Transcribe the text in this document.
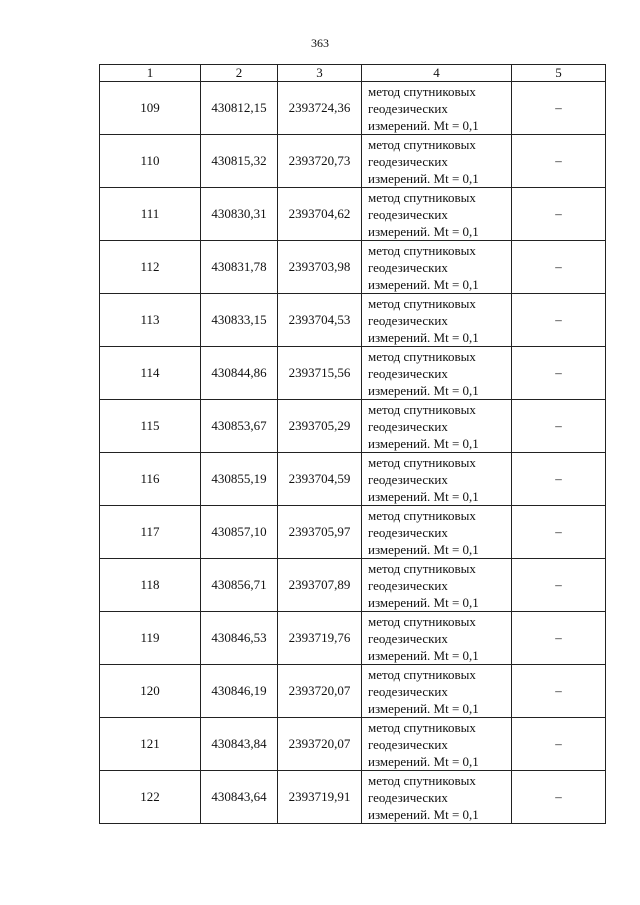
363
1	2	3	4	5
109	430812,15	2393724,36	метод спутниковых
геодезических
измерений. Mt = 0,1	–
110	430815,32	2393720,73	метод спутниковых
геодезических
измерений. Mt = 0,1	–
111	430830,31	2393704,62	метод спутниковых
геодезических
измерений. Mt = 0,1	–
112	430831,78	2393703,98	метод спутниковых
геодезических
измерений. Mt = 0,1	–
113	430833,15	2393704,53	метод спутниковых
геодезических
измерений. Mt = 0,1	–
114	430844,86	2393715,56	метод спутниковых
геодезических
измерений. Mt = 0,1	–
115	430853,67	2393705,29	метод спутниковых
геодезических
измерений. Mt = 0,1	–
116	430855,19	2393704,59	метод спутниковых
геодезических
измерений. Mt = 0,1	–
117	430857,10	2393705,97	метод спутниковых
геодезических
измерений. Mt = 0,1	–
118	430856,71	2393707,89	метод спутниковых
геодезических
измерений. Mt = 0,1	–
119	430846,53	2393719,76	метод спутниковых
геодезических
измерений. Mt = 0,1	–
120	430846,19	2393720,07	метод спутниковых
геодезических
измерений. Mt = 0,1	–
121	430843,84	2393720,07	метод спутниковых
геодезических
измерений. Mt = 0,1	–
122	430843,64	2393719,91	метод спутниковых
геодезических
измерений. Mt = 0,1	–
